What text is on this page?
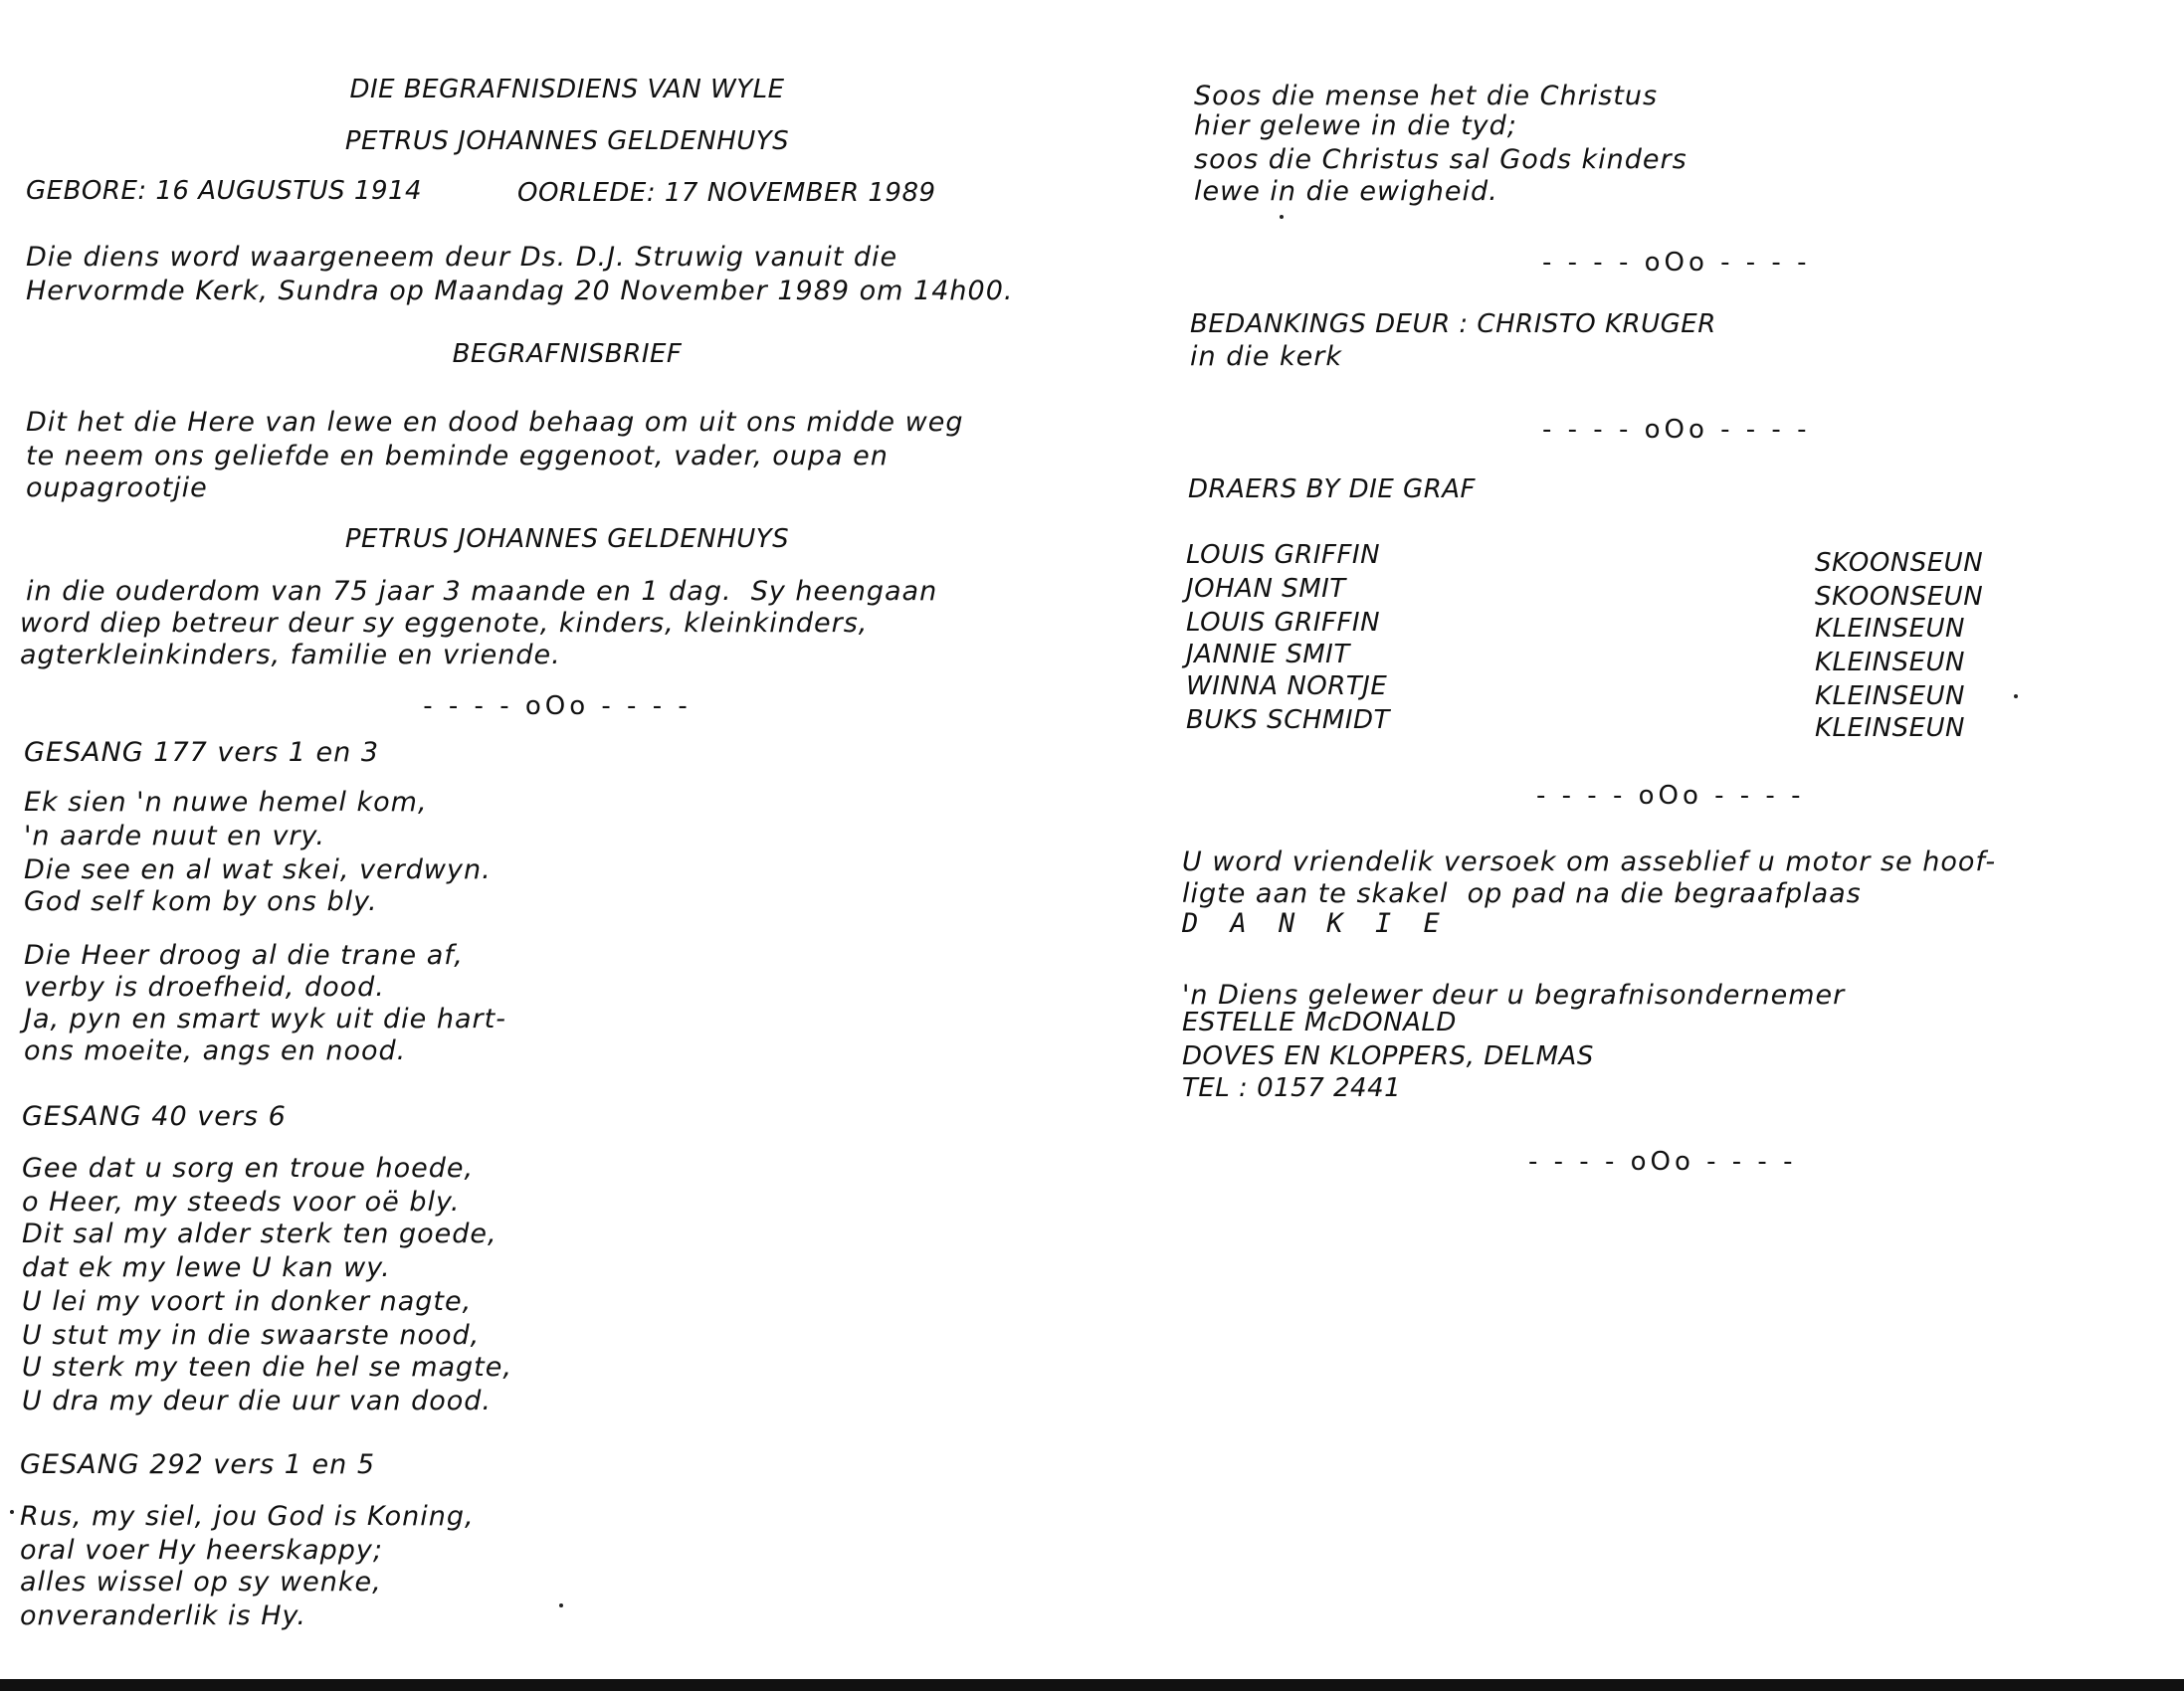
DIE BEGRAFNISDIENS VAN WYLE
PETRUS JOHANNES GELDENHUYS
GEBORE: 16 AUGUSTUS 1914	OORLEDE: 17 NOVEMBER 1989
Die diens word waargeneem deur Ds. D.J. Struwig vanuit die
Hervormde Kerk, Sundra op Maandag 20 November 1989 om 14h00.
BEGRAFNISBRIEF
Dit het die Here van lewe en dood behaag om uit ons midde weg
te neem ons geliefde en beminde eggenoot, vader, oupa en
oupagrootjie
PETRUS JOHANNES GELDENHUYS
in die ouderdom van 75 jaar 3 maande en 1 dag.  Sy heengaan
word diep betreur deur sy eggenote, kinders, kleinkinders,
agterkleinkinders, familie en vriende.
- - - - oOo - - - -
GESANG 177 vers 1 en 3
Ek sien 'n nuwe hemel kom,
'n aarde nuut en vry.
Die see en al wat skei, verdwyn.
God self kom by ons bly.
Die Heer droog al die trane af,
verby is droefheid, dood.
Ja, pyn en smart wyk uit die hart-
ons moeite, angs en nood.
GESANG 40 vers 6
Gee dat u sorg en troue hoede,
o Heer, my steeds voor oë bly.
Dit sal my alder sterk ten goede,
dat ek my lewe U kan wy.
U lei my voort in donker nagte,
U stut my in die swaarste nood,
U sterk my teen die hel se magte,
U dra my deur die uur van dood.
GESANG 292 vers 1 en 5
Rus, my siel, jou God is Koning,
oral voer Hy heerskappy;
alles wissel op sy wenke,
onveranderlik is Hy.
Soos die mense het die Christus
hier gelewe in die tyd;
soos die Christus sal Gods kinders
lewe in die ewigheid.
- - - - oOo - - - -
BEDANKINGS DEUR : CHRISTO KRUGER
in die kerk
- - - - oOo - - - -
DRAERS BY DIE GRAF
LOUIS GRIFFIN	SKOONSEUN
JOHAN SMIT	SKOONSEUN
LOUIS GRIFFIN	KLEINSEUN
JANNIE SMIT	KLEINSEUN
WINNA NORTJE	KLEINSEUN
BUKS SCHMIDT	KLEINSEUN
- - - - oOo - - - -
U word vriendelik versoek om asseblief u motor se hoof-
ligte aan te skakel  op pad na die begraafplaas
D A N K I E
'n Diens gelewer deur u begrafnisondernemer
ESTELLE McDONALD
DOVES EN KLOPPERS, DELMAS
TEL : 0157 2441
- - - - oOo - - - -
